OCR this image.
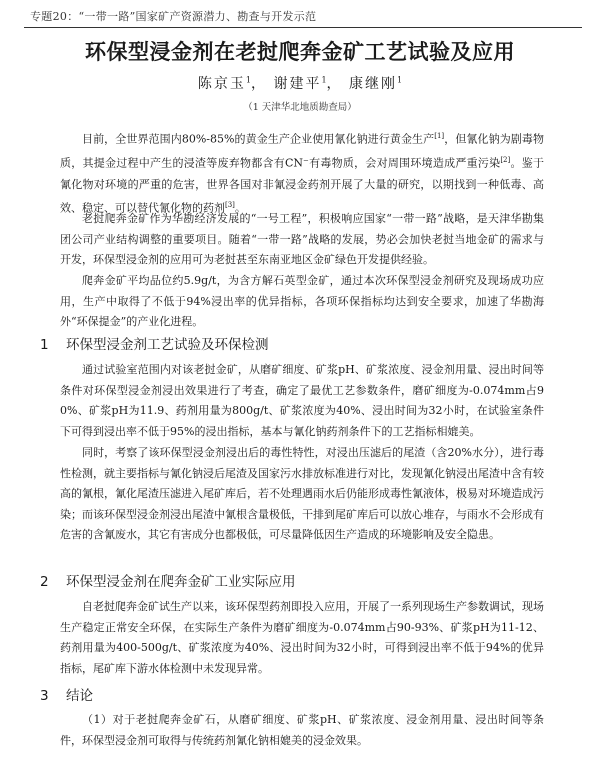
专题20：“一带一路”国家矿产资源潜力、勘查与开发示范
环保型浸金剂在老挝爬奔金矿工艺试验及应用
陈京玉$^1$， 谢建平$^1$， 康继刚$^1$
（1 天津华北地质勘查局）

目前，全世界范围内80%-85%的黄金生产企业使用氰化钠进行黄金生产[1]，但氰化钠为剧毒物质，其提金过程中产生的浸渣等废弃物都含有CN⁻有毒物质，会对周围环境造成严重污染[2]。鉴于氰化物对环境的严重的危害，世界各国对非氰浸金药剂开展了大量的研究，以期找到一种低毒、高效、稳定、可以替代氰化物的药剂[3]。

老挝爬奔金矿作为华勘经济发展的“一号工程”，积极响应国家“一带一路”战略，是天津华勘集团公司产业结构调整的重要项目。随着“一带一路”战略的发展，势必会加快老挝当地金矿的需求与开发，环保型浸金剂的应用可为老挝甚至东南亚地区金矿绿色开发提供经验。

爬奔金矿平均品位约5.9g/t，为含方解石英型金矿，通过本次环保型浸金剂研究及现场成功应用，生产中取得了不低于94%浸出率的优异指标，各项环保指标均达到安全要求，加速了华勘海外“环保提金”的产业化进程。

1 环保型浸金剂工艺试验及环保检测

通过试验室范围内对该老挝金矿，从磨矿细度、矿浆pH、矿浆浓度、浸金剂用量、浸出时间等条件对环保型浸金剂浸出效果进行了考查，确定了最优工艺参数条件，磨矿细度为-0.074mm占90%、矿浆pH为11.9、药剂用量为800g/t、矿浆浓度为40%、浸出时间为32小时，在试验室条件下可得到浸出率不低于95%的浸出指标，基本与氰化钠药剂条件下的工艺指标相媲美。

同时，考察了该环保型浸金剂浸出后的毒性特性，对浸出压滤后的尾渣（含20%水分），进行毒性检测，就主要指标与氰化钠浸后尾渣及国家污水排放标准进行对比，发现氰化钠浸出尾渣中含有较高的氰根，氰化尾渣压滤进入尾矿库后，若不处理遇雨水后仍能形成毒性氰液体，极易对环境造成污染；而该环保型浸金剂浸出尾渣中氰根含量极低，干排到尾矿库后可以放心堆存，与雨水不会形成有危害的含氰废水，其它有害成分也都极低，可尽量降低因生产造成的环境影响及安全隐患。

2 环保型浸金剂在爬奔金矿工业实际应用

自老挝爬奔金矿试生产以来，该环保型药剂即投入应用，开展了一系列现场生产参数调试，现场生产稳定正常安全环保，在实际生产条件为磨矿细度为-0.074mm占90-93%、矿浆pH为11-12、药剂用量为400-500g/t、矿浆浓度为40%、浸出时间为32小时，可得到浸出率不低于94%的优异指标，尾矿库下游水体检测中未发现异常。

3 结论

（1）对于老挝爬奔金矿石，从磨矿细度、矿浆pH、矿浆浓度、浸金剂用量、浸出时间等条件，环保型浸金剂可取得与传统药剂氰化钠相媲美的浸金效果。
